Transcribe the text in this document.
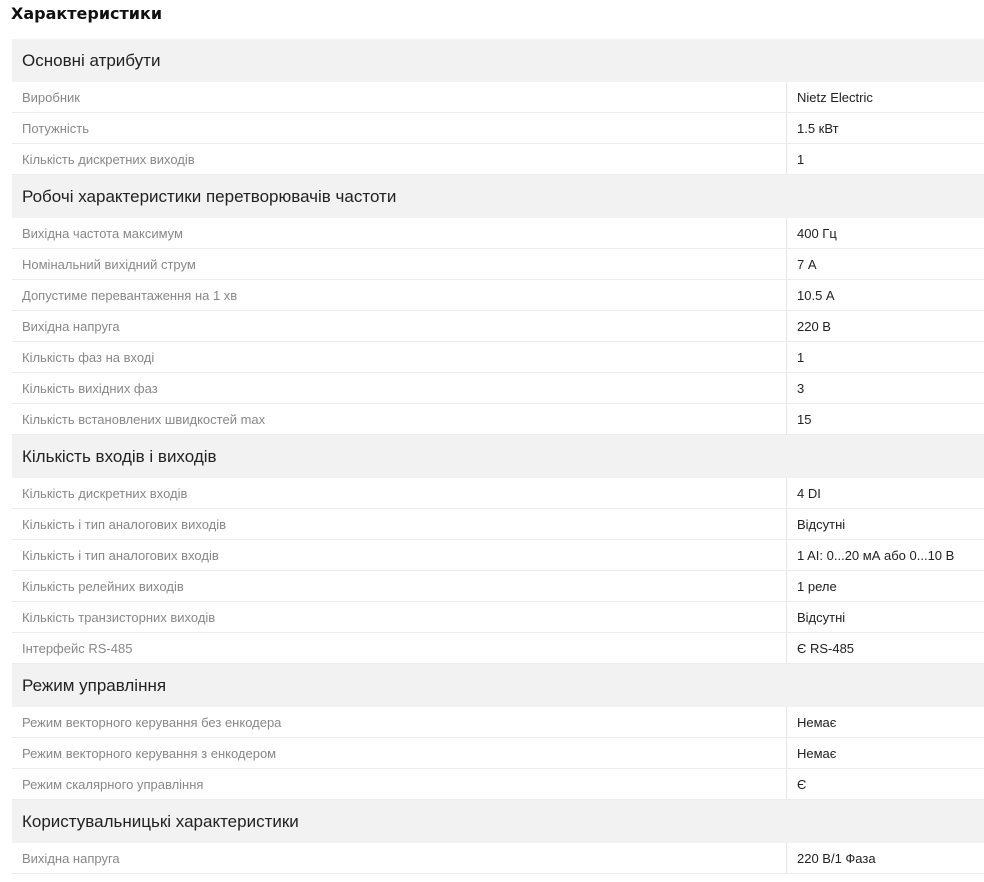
Характеристики
Основні атрибути
Виробник	Nietz Electric
Потужність	1.5 кВт
Кількість дискретних виходів	1
Робочі характеристики перетворювачів частоти
Вихідна частота максимум	400 Гц
Номінальний вихідний струм	7 А
Допустиме перевантаження на 1 хв	10.5 А
Вихідна напруга	220 В
Кількість фаз на вході	1
Кількість вихідних фаз	3
Кількість встановлених швидкостей max	15
Кількість входів і виходів
Кількість дискретних входів	4 DI
Кількість і тип аналогових виходів	Відсутні
Кількість і тип аналогових входів	1 AI: 0...20 мА або 0...10 В
Кількість релейних виходів	1 реле
Кількість транзисторних виходів	Відсутні
Інтерфейс RS-485	Є RS-485
Режим управління
Режим векторного керування без енкодера	Немає
Режим векторного керування з енкодером	Немає
Режим скалярного управління	Є
Користувальницькі характеристики
Вихідна напруга	220 В/1 Фаза
